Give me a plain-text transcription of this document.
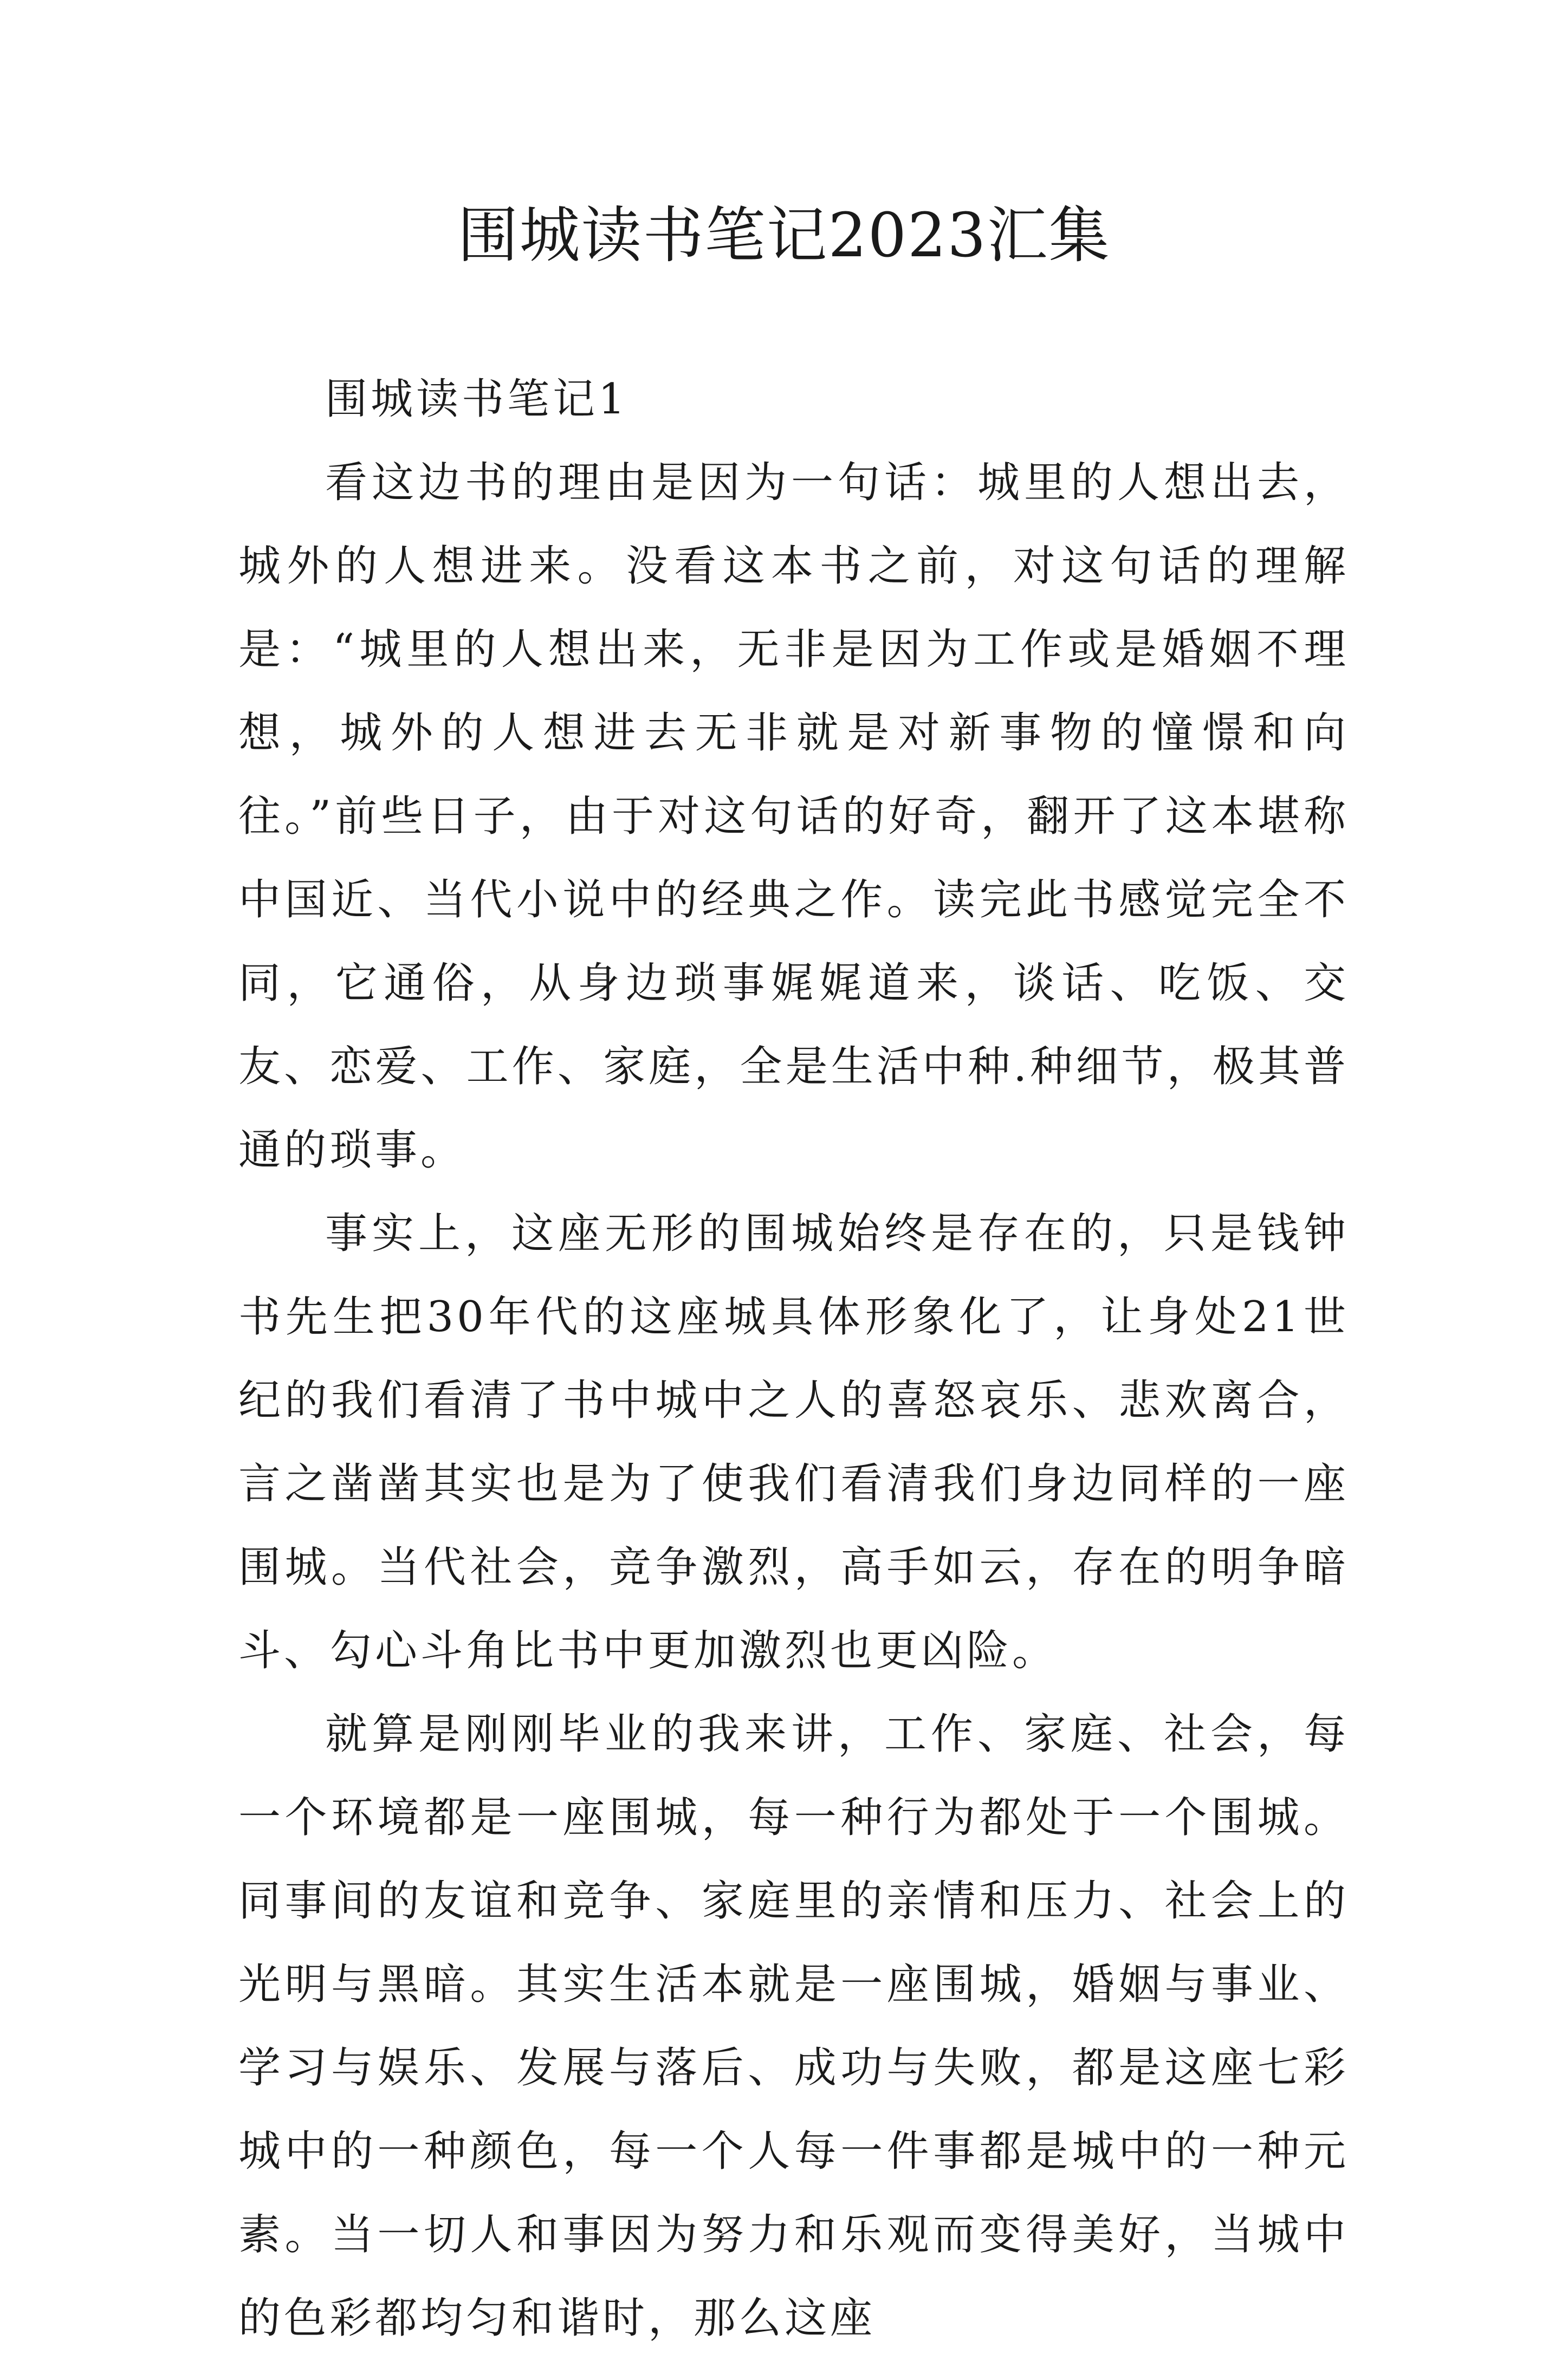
围城读书笔记2023汇集
围城读书笔记1

看这边书的理由是因为一句话：城里的人想出去，城外的人想进来。没看这本书之前，对这句话的理解是：“城里的人想出来，无非是因为工作或是婚姻不理想，城外的人想进去无非就是对新事物的憧憬和向往。”前些日子，由于对这句话的好奇，翻开了这本堪称中国近、当代小说中的经典之作。读完此书感觉完全不同，它通俗，从身边琐事娓娓道来，谈话、吃饭、交友、恋爱、工作、家庭，全是生活中种.种细节，极其普通的琐事。

事实上，这座无形的围城始终是存在的，只是钱钟书先生把30年代的这座城具体形象化了，让身处21世纪的我们看清了书中城中之人的喜怒哀乐、悲欢离合，言之凿凿其实也是为了使我们看清我们身边同样的一座围城。当代社会，竞争激烈，高手如云，存在的明争暗斗、勾心斗角比书中更加激烈也更凶险。

就算是刚刚毕业的我来讲，工作、家庭、社会，每一个环境都是一座围城，每一种行为都处于一个围城。同事间的友谊和竞争、家庭里的亲情和压力、社会上的光明与黑暗。其实生活本就是一座围城，婚姻与事业、学习与娱乐、发展与落后、成功与失败，都是这座七彩城中的一种颜色，每一个人每一件事都是城中的一种元素。当一切人和事因为努力和乐观而变得美好，当城中的色彩都均匀和谐时，那么这座
